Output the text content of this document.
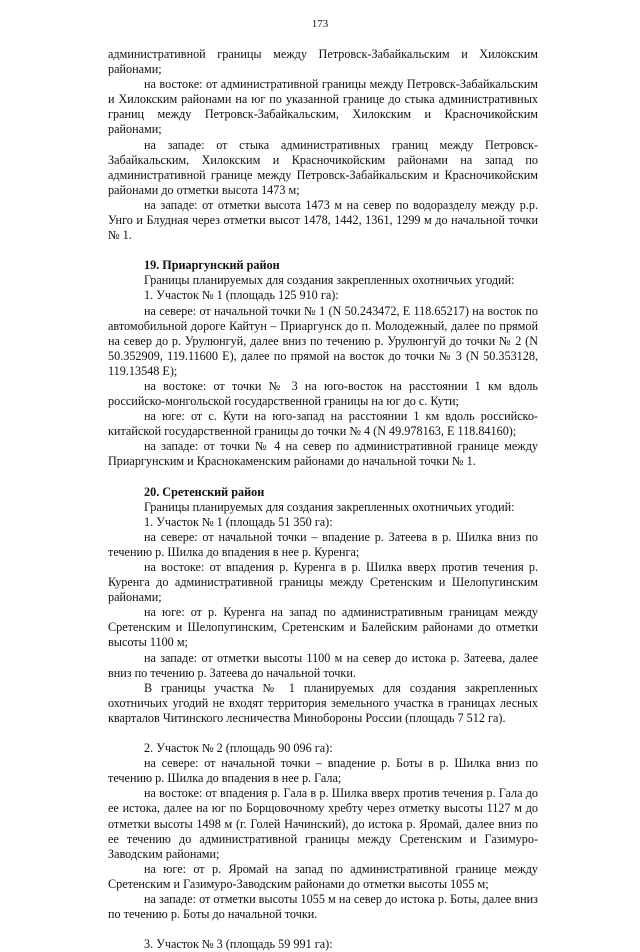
173

административной границы между Петровск-Забайкальским и Хилокским районами;

на востоке: от административной границы между Петровск-Забайкальским и Хилокским районами на юг по указанной границе до стыка административных границ между Петровск-Забайкальским, Хилокским и Красночикойским районами;

на западе: от стыка административных границ между Петровск-Забайкальским, Хилокским и Красночикойским районами на запад по административной границе между Петровск-Забайкальским и Красночикойским районами до отметки высота 1473 м;

на западе: от отметки высота 1473 м на север по водоразделу между р.р. Унго и Блудная через отметки высот 1478, 1442, 1361, 1299 м до начальной точки № 1.

19. Приаргунский район

Границы планируемых для создания закрепленных охотничьих угодий:

1. Участок № 1 (площадь 125 910 га):

на севере: от начальной точки № 1 (N 50.243472, E 118.65217) на восток по автомобильной дороге Кайтун – Приаргунск до п. Молодежный, далее по прямой на север до р. Урулюнгуй, далее вниз по течению р. Урулюнгуй до точки № 2 (N 50.352909, 119.11600 E), далее по прямой на восток до точки № 3 (N 50.353128, 119.13548 E);

на востоке: от точки № 3 на юго-восток на расстоянии 1 км вдоль российско-монгольской государственной границы на юг до с. Кути;

на юге: от с. Кути на юго-запад на расстоянии 1 км вдоль российско-китайской государственной границы до точки № 4 (N 49.978163, E 118.84160);

на западе: от точки № 4 на север по административной границе между Приаргунским и Краснокаменским районами до начальной точки № 1.

20. Сретенский район

Границы планируемых для создания закрепленных охотничьих угодий:

1. Участок № 1 (площадь 51 350 га):

на севере: от начальной точки – впадение р. Затеева в р. Шилка вниз по течению р. Шилка до впадения в нее р. Куренга;

на востоке: от впадения р. Куренга в р. Шилка вверх против течения р. Куренга до административной границы между Сретенским и Шелопугинским районами;

на юге: от р. Куренга на запад по административным границам между Сретенским и Шелопугинским, Сретенским и Балейским районами до отметки высоты 1100 м;

на западе: от отметки высоты 1100 м на север до истока р. Затеева, далее вниз по течению р. Затеева до начальной точки.

В границы участка № 1 планируемых для создания закрепленных охотничьих угодий не входят территория земельного участка в границах лесных кварталов Читинского лесничества Минобороны России (площадь 7 512 га).

2. Участок № 2 (площадь 90 096 га):

на севере: от начальной точки – впадение р. Боты в р. Шилка вниз по течению р. Шилка до впадения в нее р. Гала;

на востоке: от впадения р. Гала в р. Шилка вверх против течения р. Гала до ее истока, далее на юг по Борщовочному хребту через отметку высоты 1127 м до отметки высоты 1498 м (г. Голей Начинский), до истока р. Яромай, далее вниз по ее течению до административной границы между Сретенским и Газимуро-Заводским районами;

на юге: от р. Яромай на запад по административной границе между Сретенским и Газимуро-Заводским районами до отметки высоты 1055 м;

на западе: от отметки высоты 1055 м на север до истока р. Боты, далее вниз по течению р. Боты до начальной точки.

3. Участок № 3 (площадь 59 991 га):
